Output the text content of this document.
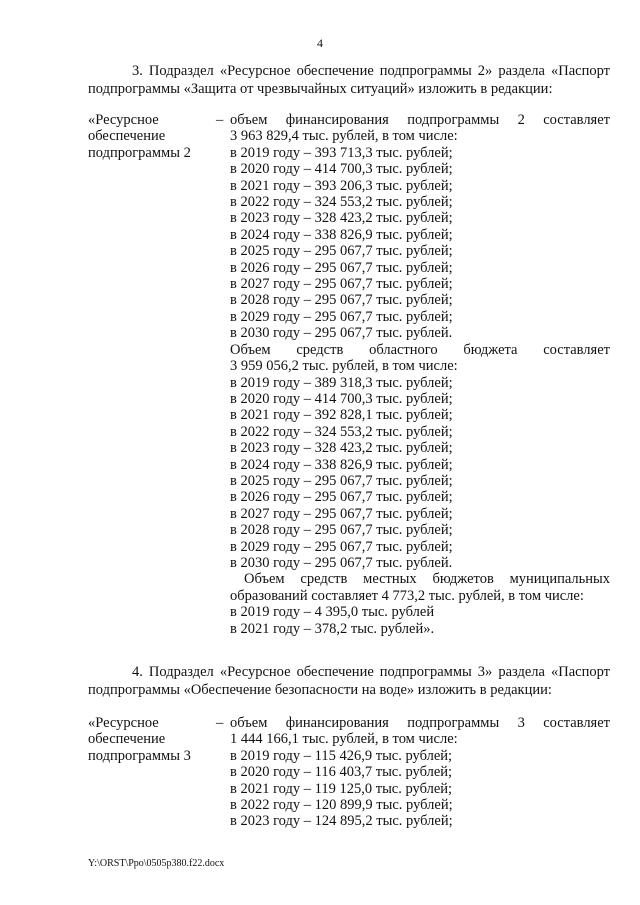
4
3. Подраздел «Ресурсное обеспечение подпрограммы 2» раздела «Паспорт
подпрограммы «Защита от чрезвычайных ситуаций» изложить в редакции:
«Ресурсное
обеспечение
подпрограммы 2
– объем финансирования подпрограммы 2 составляет
3 963 829,4 тыс. рублей, в том числе:
в 2019 году – 393 713,3 тыс. рублей;
в 2020 году – 414 700,3 тыс. рублей;
в 2021 году – 393 206,3 тыс. рублей;
в 2022 году – 324 553,2 тыс. рублей;
в 2023 году – 328 423,2 тыс. рублей;
в 2024 году – 338 826,9 тыс. рублей;
в 2025 году – 295 067,7 тыс. рублей;
в 2026 году – 295 067,7 тыс. рублей;
в 2027 году – 295 067,7 тыс. рублей;
в 2028 году – 295 067,7 тыс. рублей;
в 2029 году – 295 067,7 тыс. рублей;
в 2030 году – 295 067,7 тыс. рублей.
Объем средств областного бюджета составляет
3 959 056,2 тыс. рублей, в том числе:
в 2019 году – 389 318,3 тыс. рублей;
в 2020 году – 414 700,3 тыс. рублей;
в 2021 году – 392 828,1 тыс. рублей;
в 2022 году – 324 553,2 тыс. рублей;
в 2023 году – 328 423,2 тыс. рублей;
в 2024 году – 338 826,9 тыс. рублей;
в 2025 году – 295 067,7 тыс. рублей;
в 2026 году – 295 067,7 тыс. рублей;
в 2027 году – 295 067,7 тыс. рублей;
в 2028 году – 295 067,7 тыс. рублей;
в 2029 году – 295 067,7 тыс. рублей;
в 2030 году – 295 067,7 тыс. рублей.
Объем средств местных бюджетов муниципальных
образований составляет 4 773,2 тыс. рублей, в том числе:
в 2019 году – 4 395,0 тыс. рублей
в 2021 году – 378,2 тыс. рублей».
4. Подраздел «Ресурсное обеспечение подпрограммы 3» раздела «Паспорт
подпрограммы «Обеспечение безопасности на воде» изложить в редакции:
«Ресурсное
обеспечение
подпрограммы 3
– объем финансирования подпрограммы 3 составляет
1 444 166,1 тыс. рублей, в том числе:
в 2019 году – 115 426,9 тыс. рублей;
в 2020 году – 116 403,7 тыс. рублей;
в 2021 году – 119 125,0 тыс. рублей;
в 2022 году – 120 899,9 тыс. рублей;
в 2023 году – 124 895,2 тыс. рублей;
Y:\ORST\Ppo\0505p380.f22.docx
